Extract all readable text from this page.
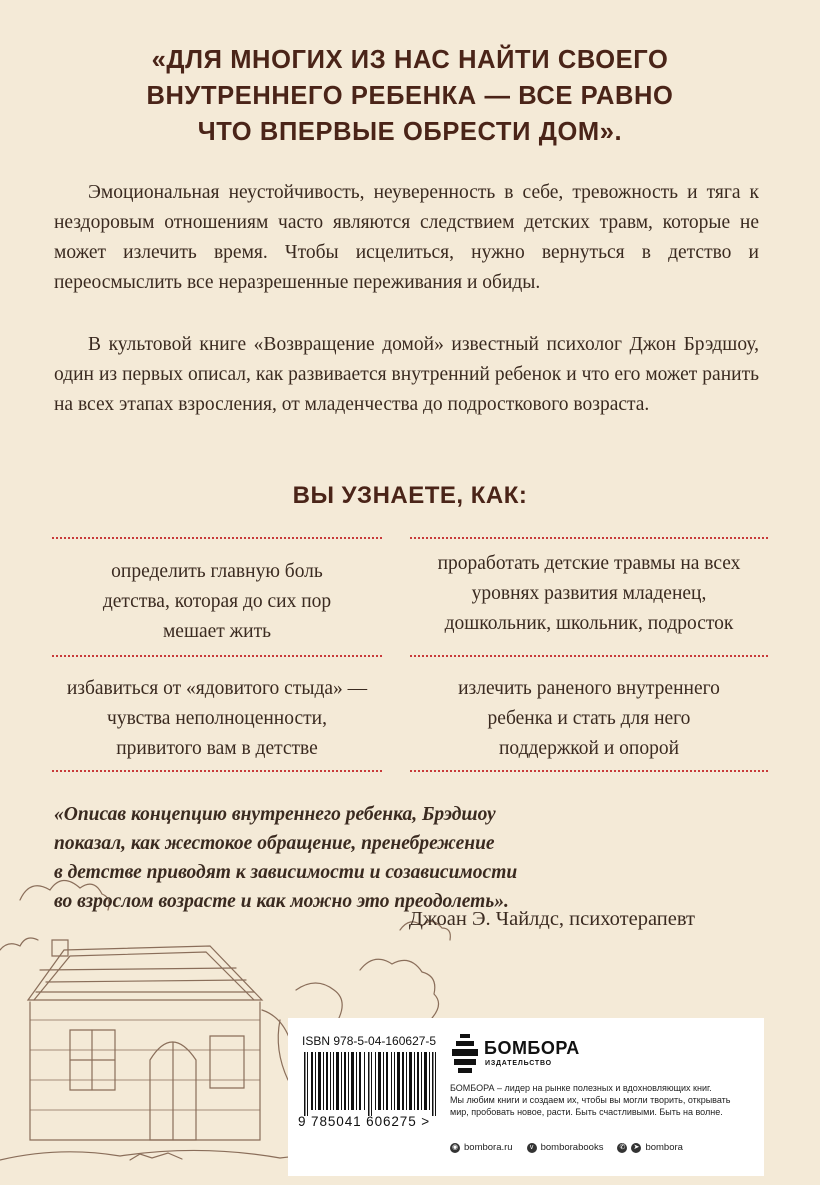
«ДЛЯ МНОГИХ ИЗ НАС НАЙТИ СВОЕГО
ВНУТРЕННЕГО РЕБЕНКА — ВСЕ РАВНО
ЧТО ВПЕРВЫЕ ОБРЕСТИ ДОМ».

Эмоциональная неустойчивость, неуверенность в себе, тревожность и тяга к нездоровым отношениям часто являются следствием детских травм, которые не может излечить время. Чтобы исцелиться, нужно вернуться в детство и переосмыслить все неразрешенные переживания и обиды.

В культовой книге «Возвращение домой» известный психолог Джон Брэдшоу, один из первых описал, как развивается внутренний ребенок и что его может ранить на всех этапах взросления, от младенчества до подросткового возраста.

ВЫ УЗНАЕТЕ, КАК:
определить главную боль
детства, которая до сих пор
мешает жить
проработать детские травмы на всех
уровнях развития младенец,
дошкольник, школьник, подросток
избавиться от «ядовитого стыда» —
чувства неполноценности,
привитого вам в детстве
излечить раненого внутреннего
ребенка и стать для него
поддержкой и опорой
«Описав концепцию внутреннего ребенка, Брэдшоу
показал, как жестокое обращение, пренебрежение
в детстве приводят к зависимости и созависимости
во взрослом возрасте и как можно это преодолеть».
Джоан Э. Чайлдс, психотерапевт
ISBN 978-5-04-160627-5
9 785041 606275 >
БОМБОРА
ИЗДАТЕЛЬСТВО
БОМБОРА – лидер на рынке полезных и вдохновляющих книг.
Мы любим книги и создаем их, чтобы вы могли творить, открывать
мир, пробовать новое, расти. Быть счастливыми. Быть на волне.
◉ bombora.ru	v bomborabooks ✆ ➤ bombora
